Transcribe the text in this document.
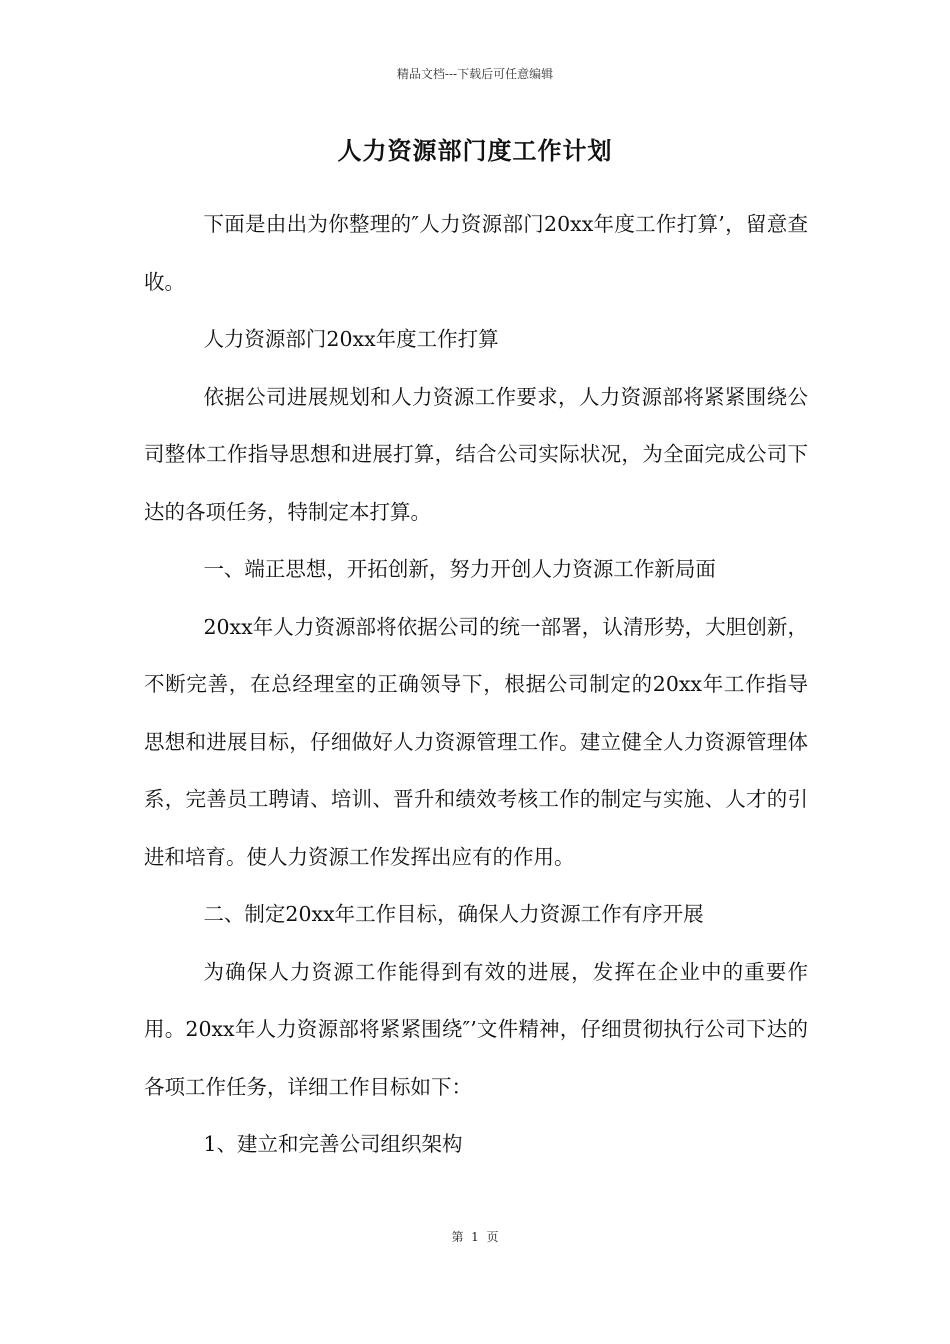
精品文档---下载后可任意编辑
人力资源部门度工作计划

下面是由出为你整理的″人力资源部门20xx年度工作打算’，留意查收。

人力资源部门20xx年度工作打算

依据公司进展规划和人力资源工作要求，人力资源部将紧紧围绕公司整体工作指导思想和进展打算，结合公司实际状况，为全面完成公司下达的各项任务，特制定本打算。

一、端正思想，开拓创新，努力开创人力资源工作新局面

20xx年人力资源部将依据公司的统一部署，认清形势，大胆创新，不断完善，在总经理室的正确领导下，根据公司制定的20xx年工作指导思想和进展目标，仔细做好人力资源管理工作。建立健全人力资源管理体系，完善员工聘请、培训、晋升和绩效考核工作的制定与实施、人才的引进和培育。使人力资源工作发挥出应有的作用。

二、制定20xx年工作目标，确保人力资源工作有序开展

为确保人力资源工作能得到有效的进展，发挥在企业中的重要作用。20xx年人力资源部将紧紧围绕″’文件精神，仔细贯彻执行公司下达的各项工作任务，详细工作目标如下：

1、建立和完善公司组织架构

第  1  页
